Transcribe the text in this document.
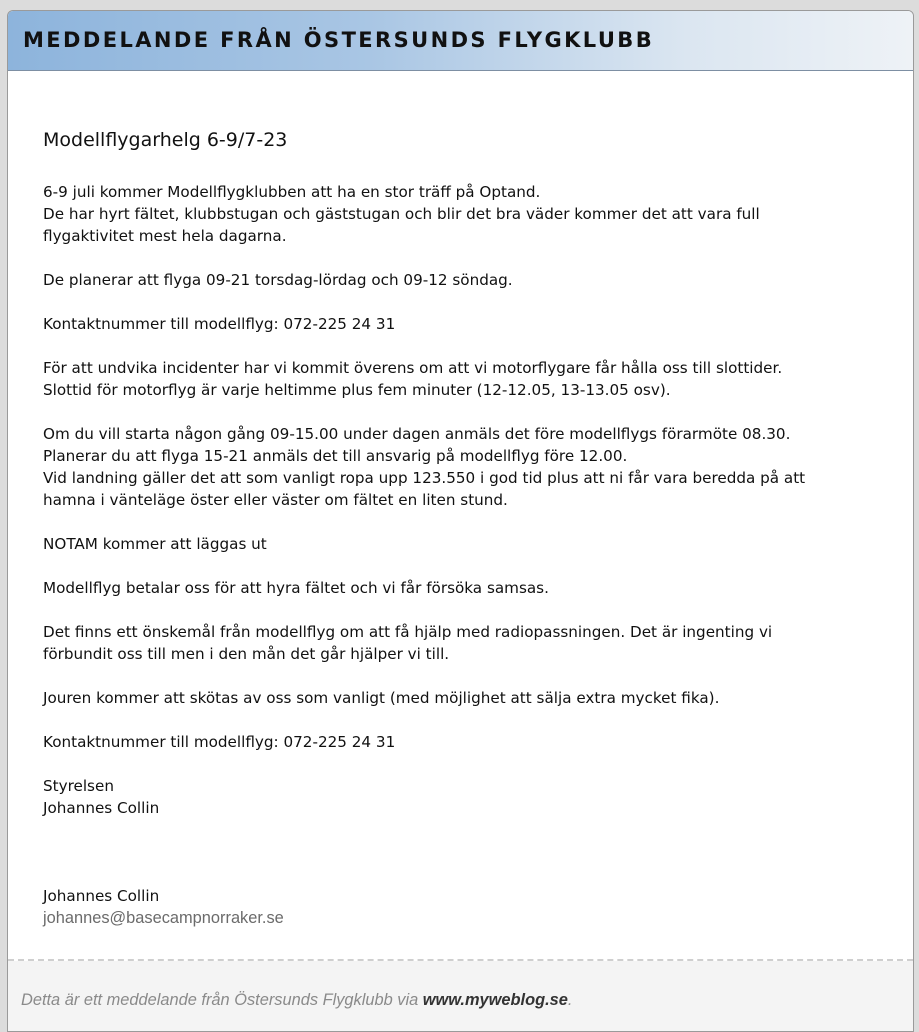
MEDDELANDE FRÅN ÖSTERSUNDS FLYGKLUBB
Modellflygarhelg 6-9/7-23
6-9 juli kommer Modellflygklubben att ha en stor träff på Optand.
De har hyrt fältet, klubbstugan och gäststugan och blir det bra väder kommer det att vara full
flygaktivitet mest hela dagarna.
De planerar att flyga 09-21 torsdag-lördag och 09-12 söndag.
Kontaktnummer till modellflyg: 072-225 24 31
För att undvika incidenter har vi kommit överens om att vi motorflygare får hålla oss till slottider.
Slottid för motorflyg är varje heltimme plus fem minuter (12-12.05, 13-13.05 osv).
Om du vill starta någon gång 09-15.00 under dagen anmäls det före modellflygs förarmöte 08.30.
Planerar du att flyga 15-21 anmäls det till ansvarig på modellflyg före 12.00.
Vid landning gäller det att som vanligt ropa upp 123.550 i god tid plus att ni får vara beredda på att
hamna i vänteläge öster eller väster om fältet en liten stund.
NOTAM kommer att läggas ut
Modellflyg betalar oss för att hyra fältet och vi får försöka samsas.
Det finns ett önskemål från modellflyg om att få hjälp med radiopassningen. Det är ingenting vi
förbundit oss till men i den mån det går hjälper vi till.
Jouren kommer att skötas av oss som vanligt (med möjlighet att sälja extra mycket fika).
Kontaktnummer till modellflyg: 072-225 24 31
Styrelsen
Johannes Collin
Johannes Collin
johannes@basecampnorraker.se
Detta är ett meddelande från Östersunds Flygklubb via www.myweblog.se.
